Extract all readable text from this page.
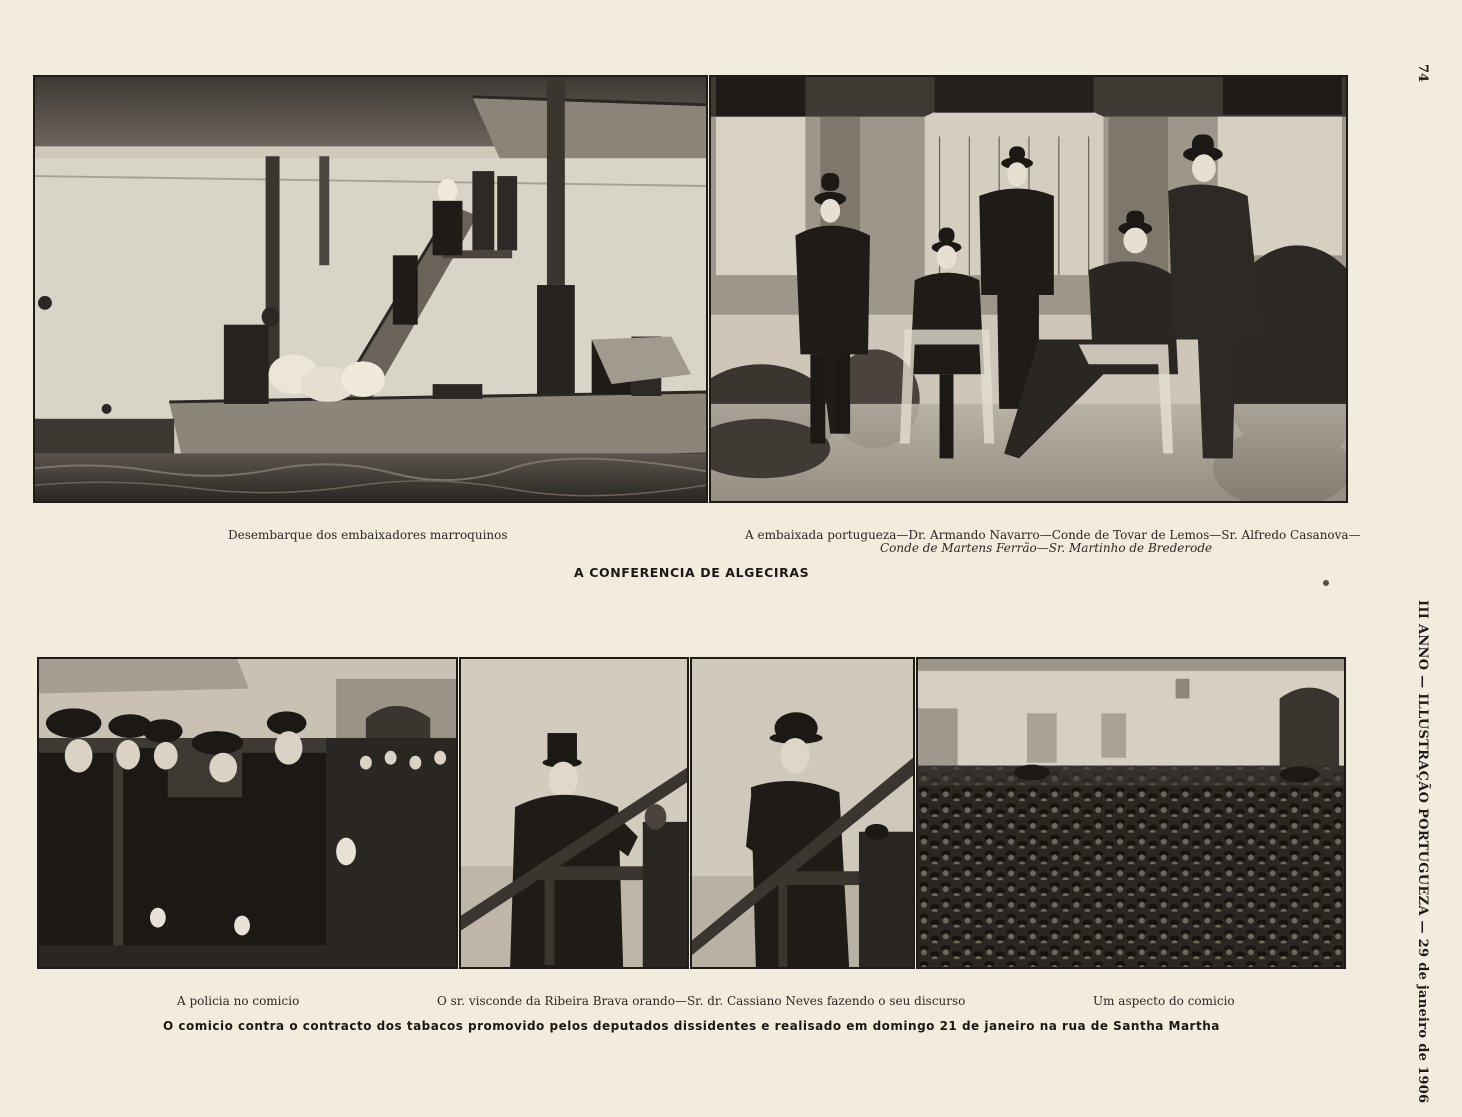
74
III ANNO — ILLUSTRAÇÃO PORTUGUEZA — 29 de janeiro de 1906
Desembarque dos embaixadores marroquinos	A embaixada portugueza—Dr. Armando Navarro—Conde de Tovar de Lemos—Sr. Alfredo Casanova—
Conde de Martens Ferrão—Sr. Martinho de Brederode
A CONFERENCIA DE ALGECIRAS
A policia no comicio	O sr. visconde da Ribeira Brava orando—Sr. dr. Cassiano Neves fazendo o seu discurso	Um aspecto do comicio
O comicio contra o contracto dos tabacos promovido pelos deputados dissidentes e realisado em domingo 21 de janeiro na rua de Santha Martha
